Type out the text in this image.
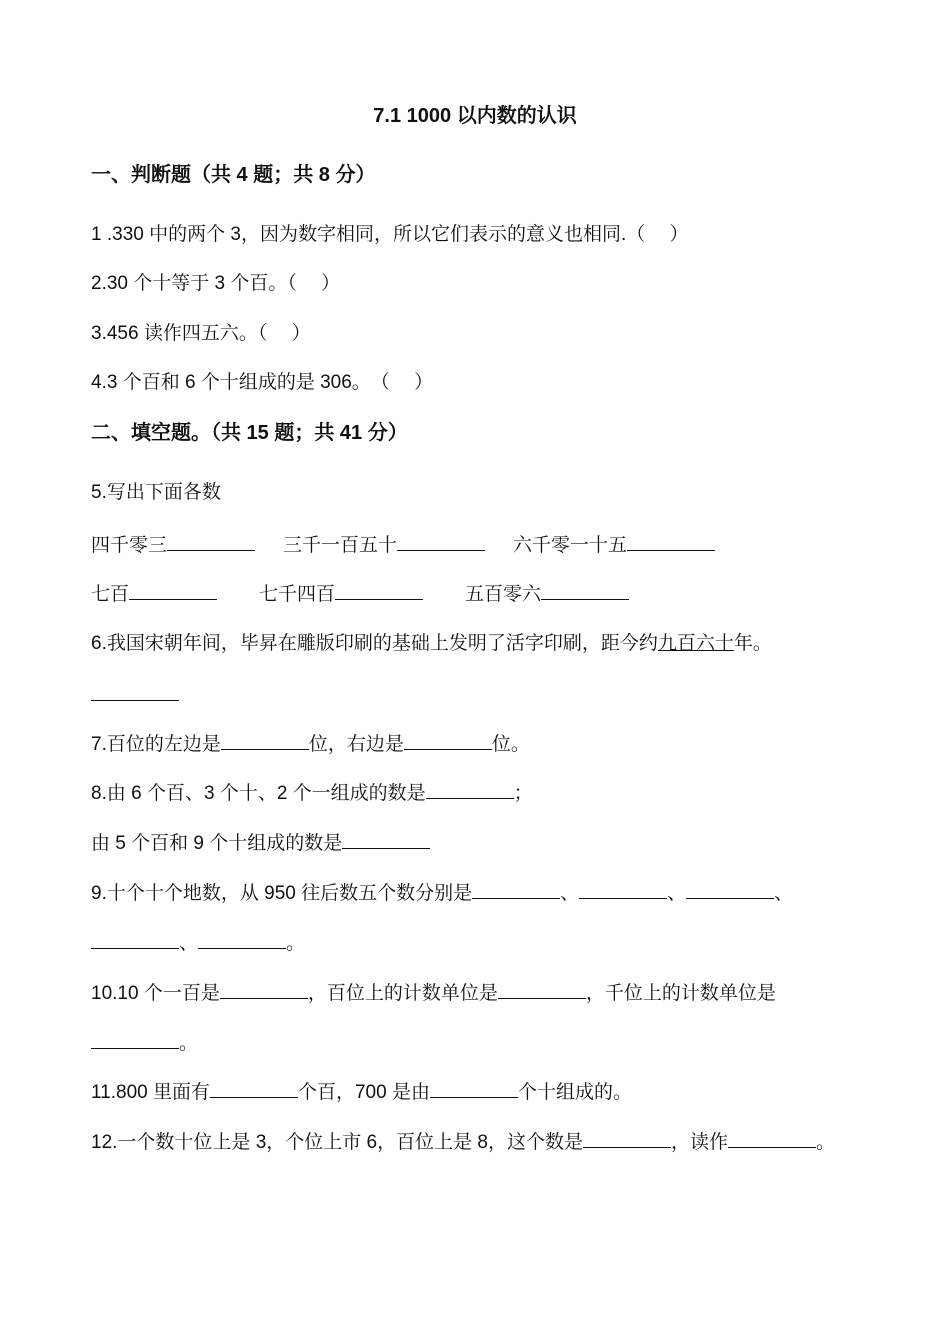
7.1 1000 以内数的认识
一、判断题（共 4 题；共 8 分）
1 .330 中的两个 3，因为数字相同，所以它们表示的意义也相同.（　 ）
2.30 个十等于 3 个百。（　 ）
3.456 读作四五六。（　 ）
4.3 个百和 6 个十组成的是 306。　（　 ）
二、填空题。（共 15 题；共 41 分）
5.写出下面各数
四千零三	三千一百五十	六千零一十五
七百	七千四百	五百零六
6.我国宋朝年间，毕昇在雕版印刷的基础上发明了活字印刷，距今约九百六十年。
7.百位的左边是	位，右边是	位。
8.由 6 个百、3 个十、2 个一组成的数是	；
由 5 个百和 9 个十组成的数是
9.十个十个地数，从 950 往后数五个数分别是	、	、	、
、	。
10.10 个一百是	，百位上的计数单位是	，千位上的计数单位是
。
11.800 里面有	个百，700 是由	个十组成的。
12.一个数十位上是 3，个位上市 6，百位上是 8，这个数是	，读作	。
